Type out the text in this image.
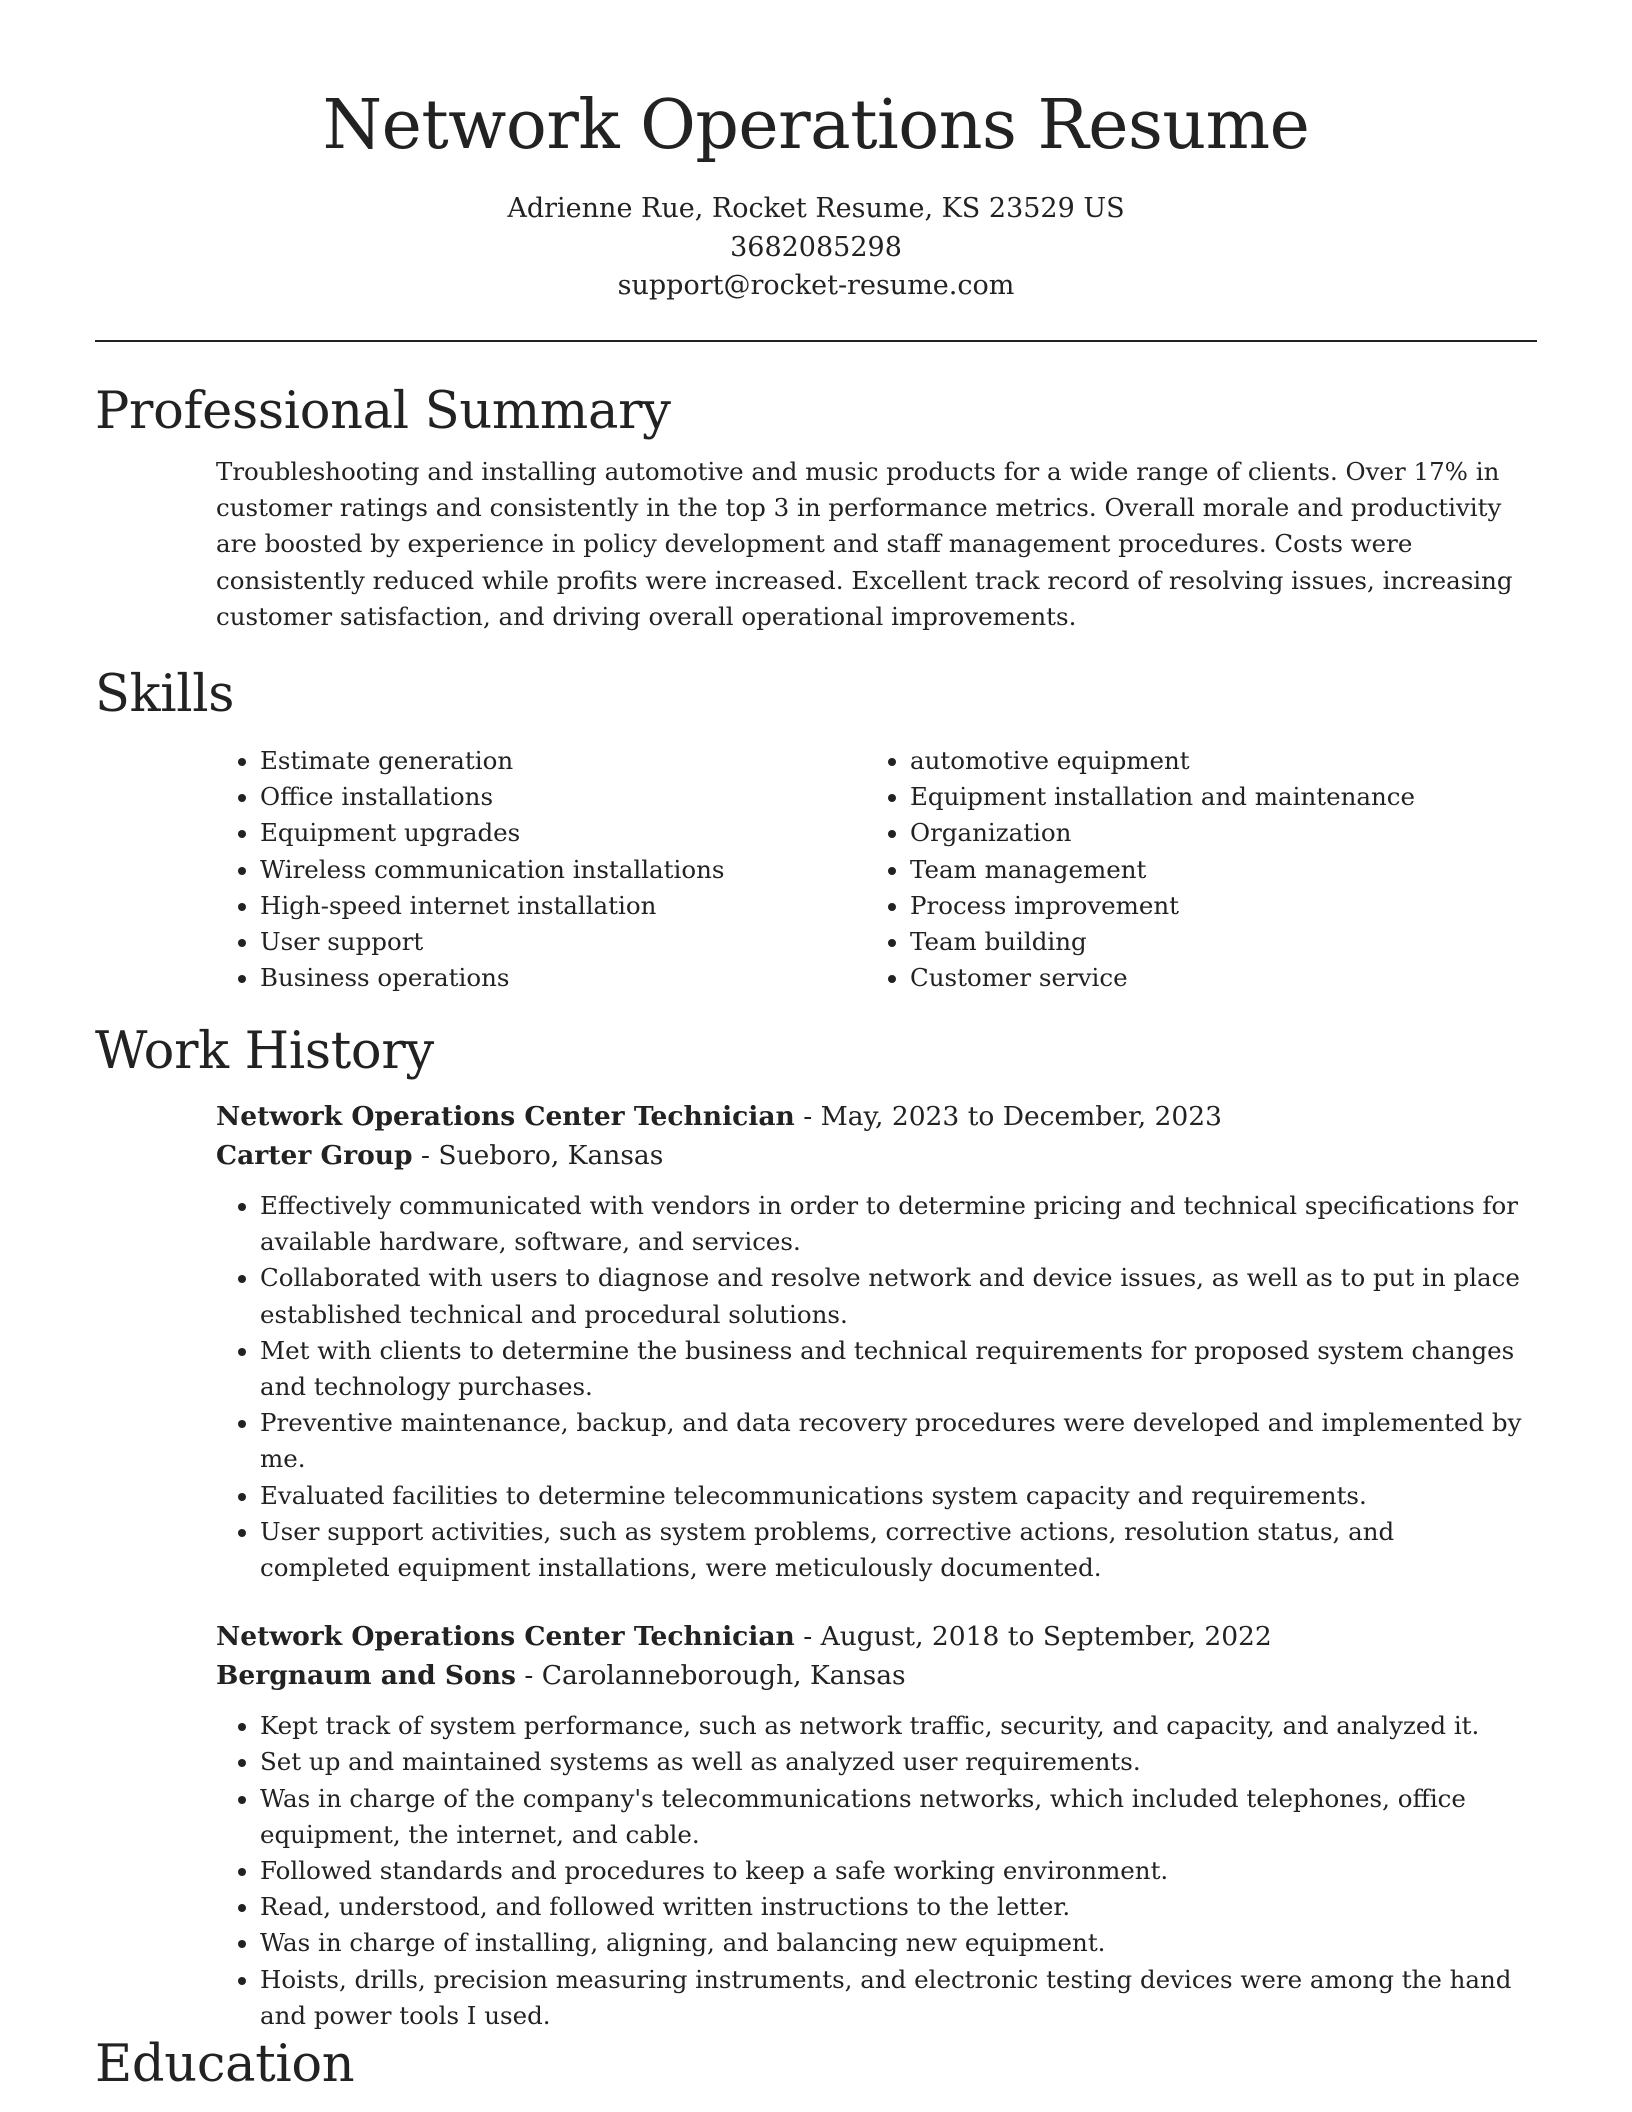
Network Operations Resume
Adrienne Rue, Rocket Resume, KS 23529 US
3682085298
support@rocket-resume.com
Professional Summary

Troubleshooting and installing automotive and music products for a wide range of clients. Over 17% in customer ratings and consistently in the top 3 in performance metrics. Overall morale and productivity are boosted by experience in policy development and staff management procedures. Costs were consistently reduced while profits were increased. Excellent track record of resolving issues, increasing customer satisfaction, and driving overall operational improvements.

Skills
• Estimate generation
• Office installations
• Equipment upgrades
• Wireless communication installations
• High-speed internet installation
• User support
• Business operations
• automotive equipment
• Equipment installation and maintenance
• Organization
• Team management
• Process improvement
• Team building
• Customer service
Work History
Network Operations Center Technician - May, 2023 to December, 2023
Carter Group - Sueboro, Kansas
• Effectively communicated with vendors in order to determine pricing and technical specifications for available hardware, software, and services.
• Collaborated with users to diagnose and resolve network and device issues, as well as to put in place established technical and procedural solutions.
• Met with clients to determine the business and technical requirements for proposed system changes and technology purchases.
• Preventive maintenance, backup, and data recovery procedures were developed and implemented by me.
• Evaluated facilities to determine telecommunications system capacity and requirements.
• User support activities, such as system problems, corrective actions, resolution status, and completed equipment installations, were meticulously documented.
Network Operations Center Technician - August, 2018 to September, 2022
Bergnaum and Sons - Carolanneborough, Kansas
• Kept track of system performance, such as network traffic, security, and capacity, and analyzed it.
• Set up and maintained systems as well as analyzed user requirements.
• Was in charge of the company's telecommunications networks, which included telephones, office equipment, the internet, and cable.
• Followed standards and procedures to keep a safe working environment.
• Read, understood, and followed written instructions to the letter.
• Was in charge of installing, aligning, and balancing new equipment.
• Hoists, drills, precision measuring instruments, and electronic testing devices were among the hand and power tools I used.
Education
